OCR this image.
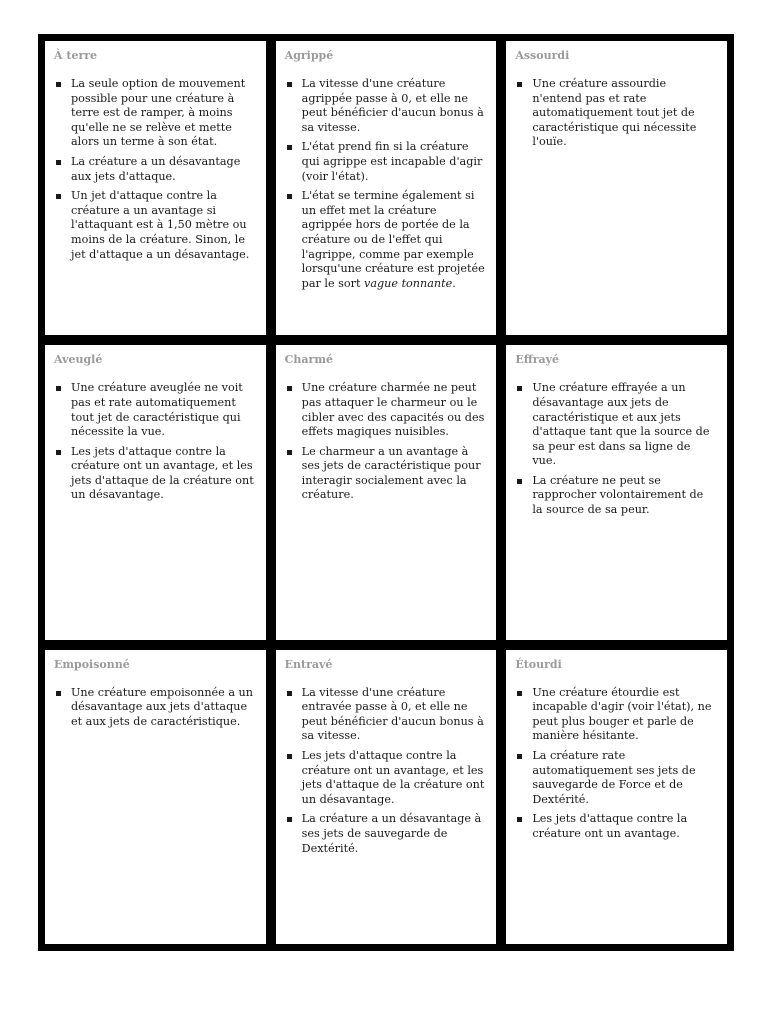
À terre
La seule option de mouvement possible pour une créature à terre est de ramper, à moins qu'elle ne se relève et mette alors un terme à son état.
La créature a un désavantage aux jets d'attaque.
Un jet d'attaque contre la créature a un avantage si l'attaquant est à 1,50 mètre ou moins de la créature. Sinon, le jet d'attaque a un désavantage.
Agrippé
La vitesse d'une créature agrippée passe à 0, et elle ne peut bénéficier d'aucun bonus à sa vitesse.
L'état prend fin si la créature qui agrippe est incapable d'agir (voir l'état).
L'état se termine également si un effet met la créature agrippée hors de portée de la créature ou de l'effet qui l'agrippe, comme par exemple lorsqu'une créature est projetée par le sort vague tonnante.
Assourdi
Une créature assourdie n'entend pas et rate automatiquement tout jet de caractéristique qui nécessite l'ouïe.
Aveuglé
Une créature aveuglée ne voit pas et rate automatiquement tout jet de caractéristique qui nécessite la vue.
Les jets d'attaque contre la créature ont un avantage, et les jets d'attaque de la créature ont un désavantage.
Charmé
Une créature charmée ne peut pas attaquer le charmeur ou le cibler avec des capacités ou des effets magiques nuisibles.
Le charmeur a un avantage à ses jets de caractéristique pour interagir socialement avec la créature.
Effrayé
Une créature effrayée a un désavantage aux jets de caractéristique et aux jets d'attaque tant que la source de sa peur est dans sa ligne de vue.
La créature ne peut se rapprocher volontairement de la source de sa peur.
Empoisonné
Une créature empoisonnée a un désavantage aux jets d'attaque et aux jets de caractéristique.
Entravé
La vitesse d'une créature entravée passe à 0, et elle ne peut bénéficier d'aucun bonus à sa vitesse.
Les jets d'attaque contre la créature ont un avantage, et les jets d'attaque de la créature ont un désavantage.
La créature a un désavantage à ses jets de sauvegarde de Dextérité.
Étourdi
Une créature étourdie est incapable d'agir (voir l'état), ne peut plus bouger et parle de manière hésitante.
La créature rate automatiquement ses jets de sauvegarde de Force et de Dextérité.
Les jets d'attaque contre la créature ont un avantage.
